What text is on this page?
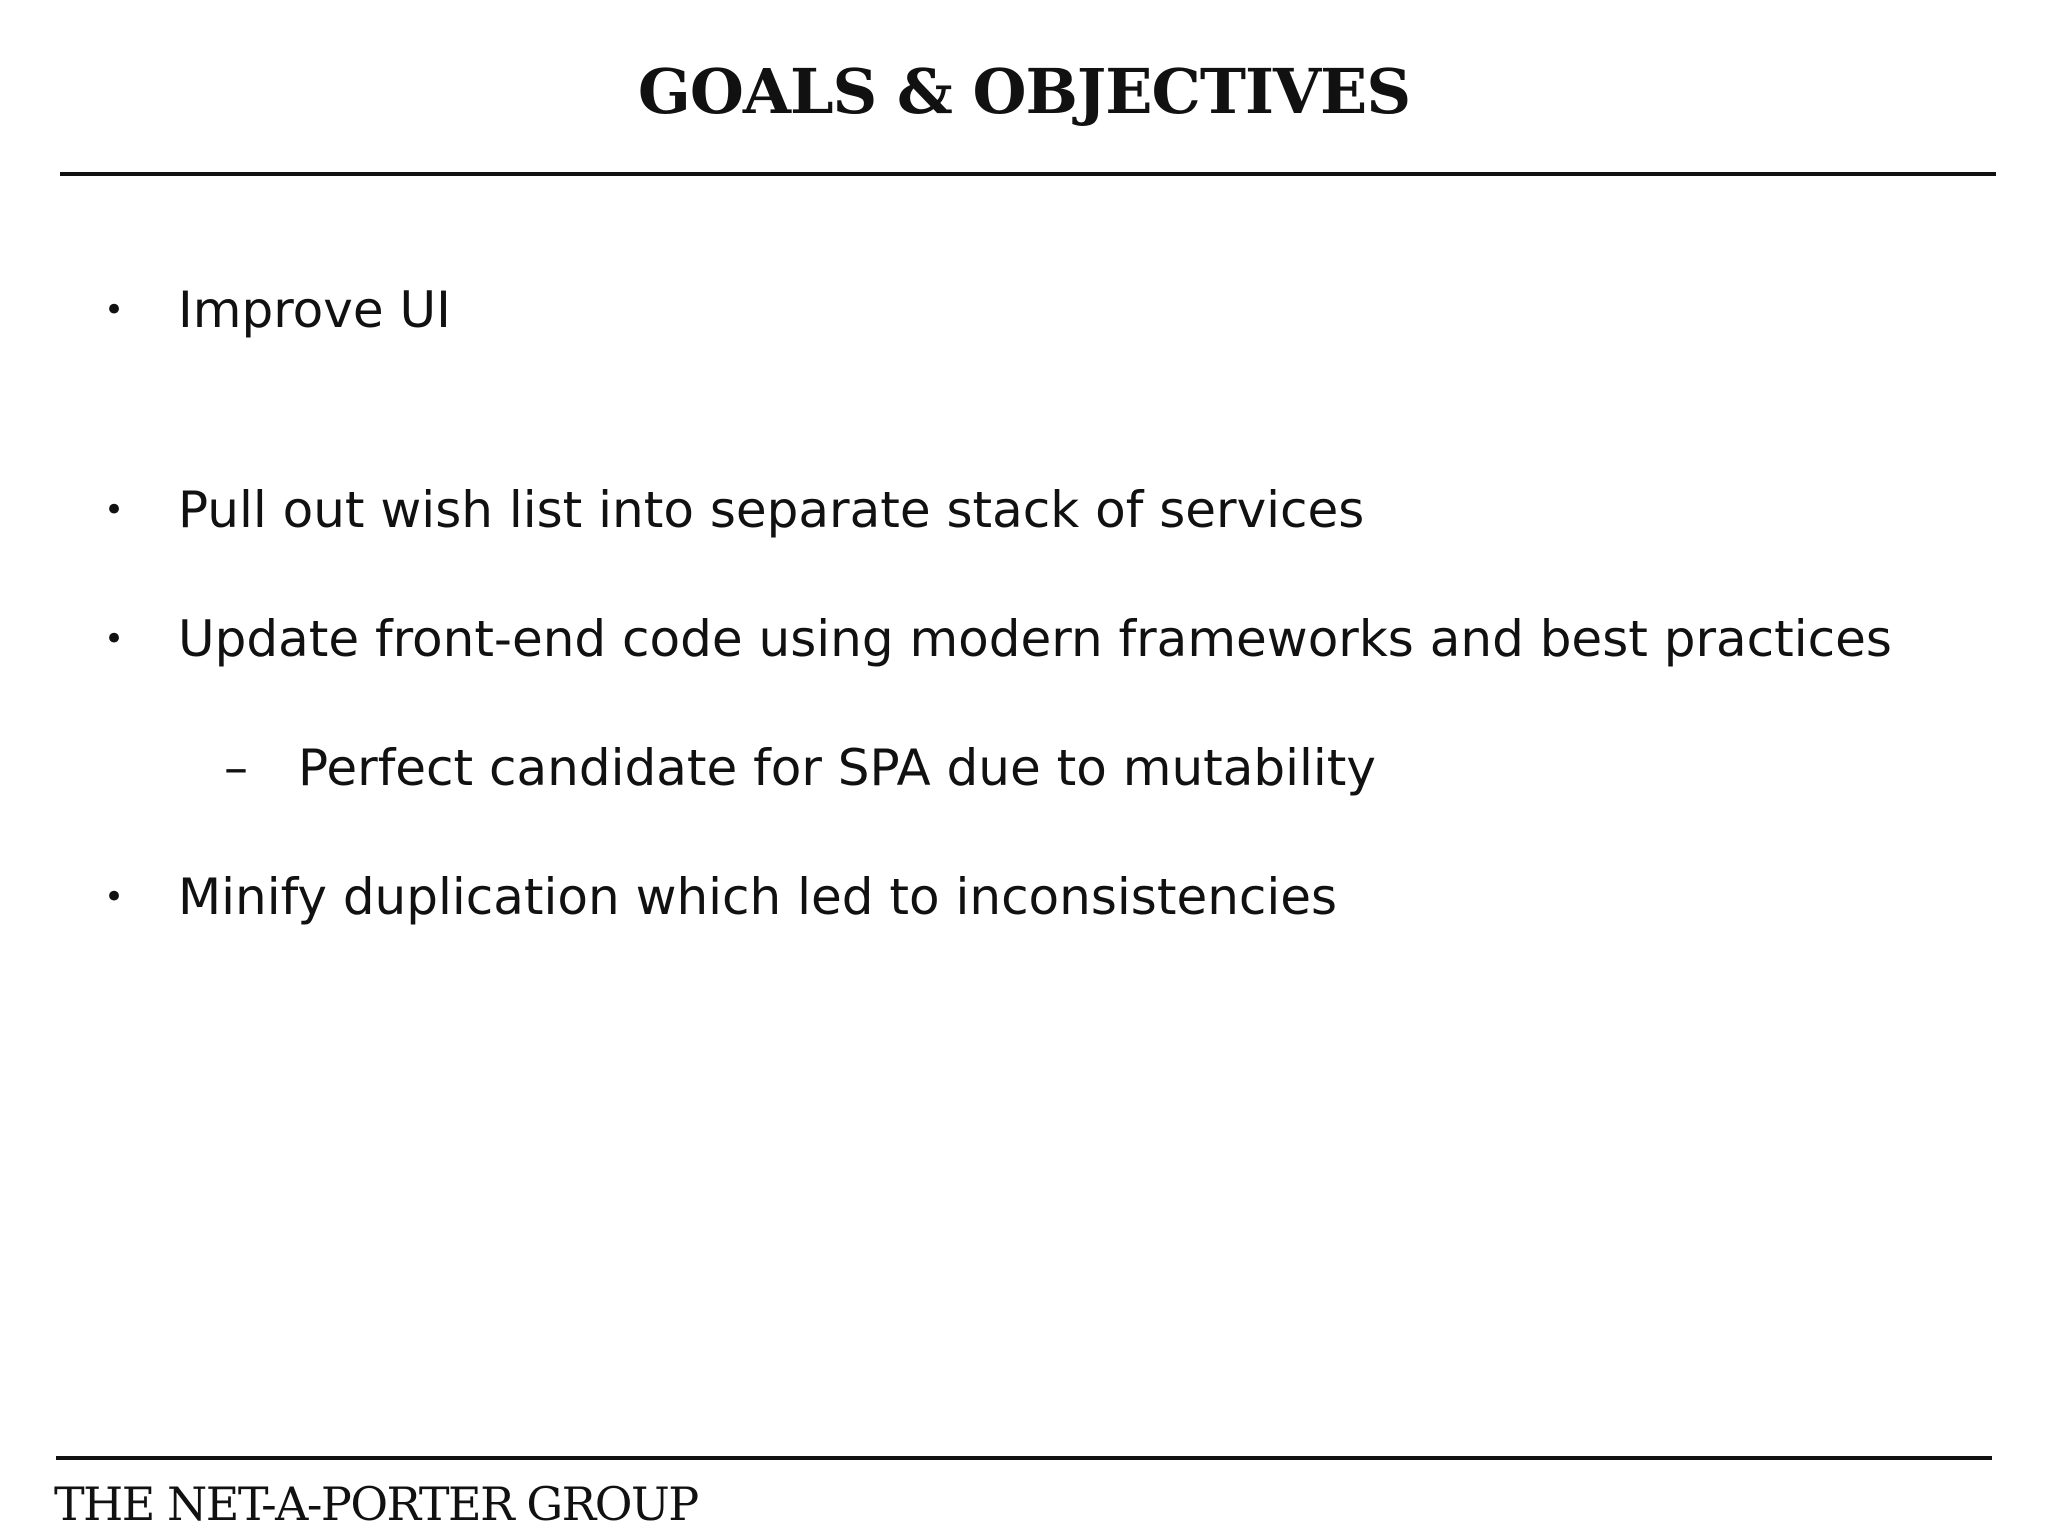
GOALS & OBJECTIVES
•	Improve UI
•	Pull out wish list into separate stack of services
•	Update front-end code using modern frameworks and best practices
–	Perfect candidate for SPA due to mutability
•	Minify duplication which led to inconsistencies
THE NET-A-PORTER GROUP
